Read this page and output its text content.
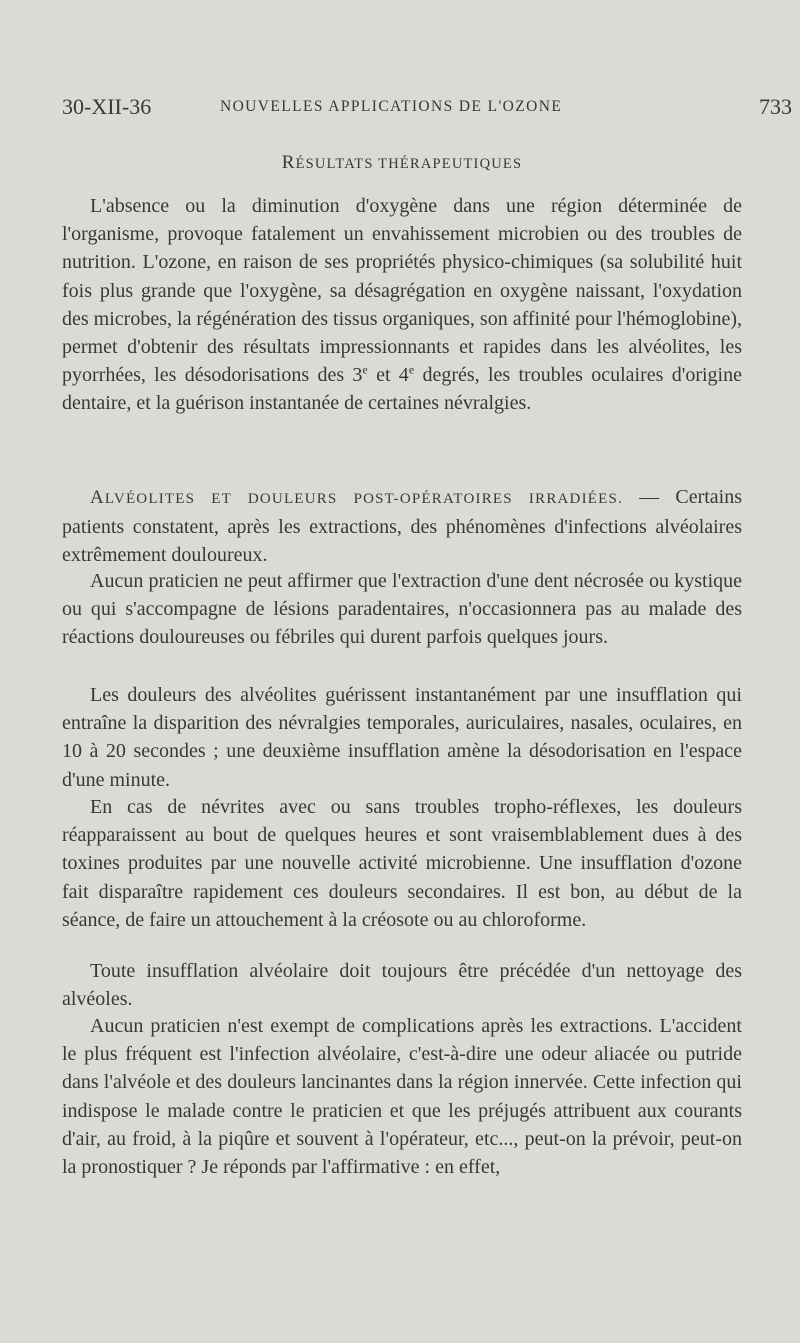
30-XII-36	NOUVELLES APPLICATIONS DE L'OZONE	733
RÉSULTATS THÉRAPEUTIQUES

L'absence ou la diminution d'oxygène dans une région déterminée de l'organisme, provoque fatalement un envahissement microbien ou des troubles de nutrition. L'ozone, en raison de ses propriétés physico-chimiques (sa solubilité huit fois plus grande que l'oxygène, sa désagrégation en oxygène naissant, l'oxydation des microbes, la régénération des tissus organiques, son affinité pour l'hémoglobine), permet d'obtenir des résultats impressionnants et rapides dans les alvéolites, les pyorrhées, les désodorisations des 3e et 4e degrés, les troubles oculaires d'origine dentaire, et la guérison instantanée de certaines névralgies.

ALVÉOLITES ET DOULEURS POST-OPÉRATOIRES IRRADIÉES. — Certains patients constatent, après les extractions, des phénomènes d'infections alvéolaires extrêmement douloureux.

Aucun praticien ne peut affirmer que l'extraction d'une dent nécrosée ou kystique ou qui s'accompagne de lésions paradentaires, n'occasionnera pas au malade des réactions douloureuses ou fébriles qui durent parfois quelques jours.

Les douleurs des alvéolites guérissent instantanément par une insufflation qui entraîne la disparition des névralgies temporales, auriculaires, nasales, oculaires, en 10 à 20 secondes ; une deuxième insufflation amène la désodorisation en l'espace d'une minute.

En cas de névrites avec ou sans troubles tropho-réflexes, les douleurs réapparaissent au bout de quelques heures et sont vraisemblablement dues à des toxines produites par une nouvelle activité microbienne. Une insufflation d'ozone fait disparaître rapidement ces douleurs secondaires. Il est bon, au début de la séance, de faire un attouchement à la créosote ou au chloroforme.

Toute insufflation alvéolaire doit toujours être précédée d'un nettoyage des alvéoles.

Aucun praticien n'est exempt de complications après les extractions. L'accident le plus fréquent est l'infection alvéolaire, c'est-à-dire une odeur aliacée ou putride dans l'alvéole et des douleurs lancinantes dans la région innervée. Cette infection qui indispose le malade contre le praticien et que les préjugés attribuent aux courants d'air, au froid, à la piqûre et souvent à l'opérateur, etc..., peut-on la prévoir, peut-on la pronostiquer ? Je réponds par l'affirmative : en effet,
